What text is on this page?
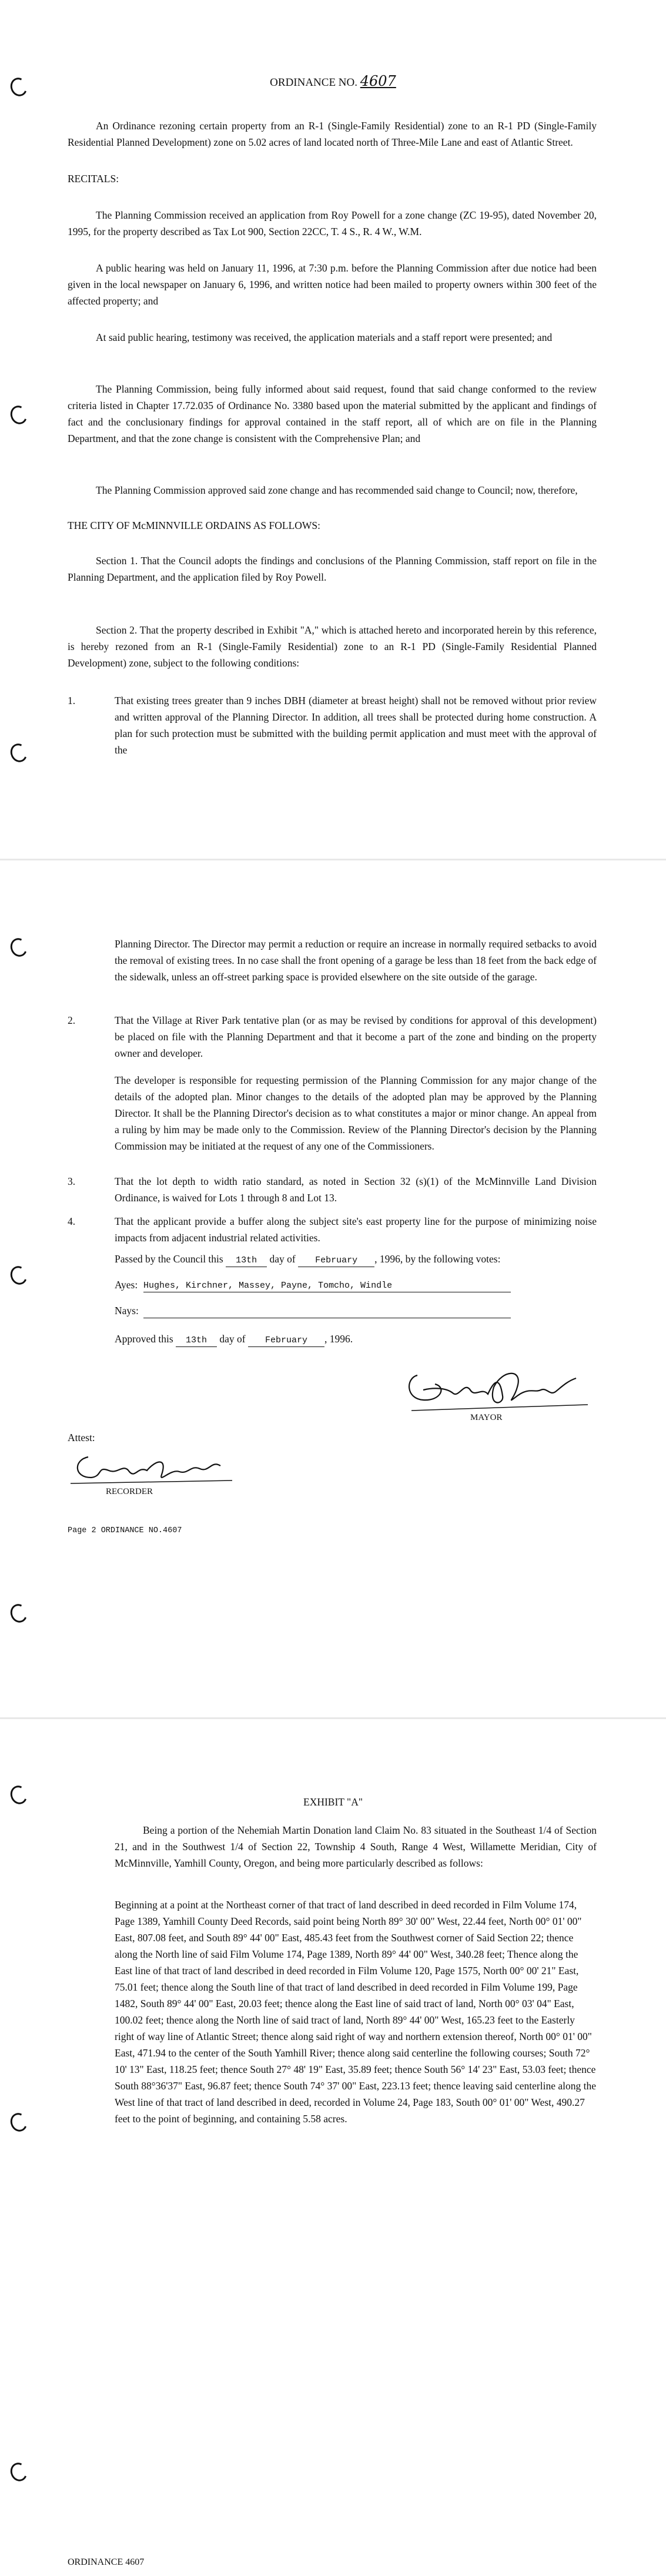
ORDINANCE NO. 4607
An Ordinance rezoning certain property from an R-1 (Single-Family Residential) zone to an R-1 PD (Single-Family Residential Planned Development) zone on 5.02 acres of land located north of Three-Mile Lane and east of Atlantic Street.
RECITALS:
The Planning Commission received an application from Roy Powell for a zone change (ZC 19-95), dated November 20, 1995, for the property described as Tax Lot 900, Section 22CC, T. 4 S., R. 4 W., W.M.
A public hearing was held on January 11, 1996, at 7:30 p.m. before the Planning Commission after due notice had been given in the local newspaper on January 6, 1996, and written notice had been mailed to property owners within 300 feet of the affected property; and
At said public hearing, testimony was received, the application materials and a staff report were presented; and
The Planning Commission, being fully informed about said request, found that said change conformed to the review criteria listed in Chapter 17.72.035 of Ordinance No. 3380 based upon the material submitted by the applicant and findings of fact and the conclusionary findings for approval contained in the staff report, all of which are on file in the Planning Department, and that the zone change is consistent with the Comprehensive Plan; and
The Planning Commission approved said zone change and has recommended said change to Council; now, therefore,
THE CITY OF McMINNVILLE ORDAINS AS FOLLOWS:
Section 1. That the Council adopts the findings and conclusions of the Planning Commission, staff report on file in the Planning Department, and the application filed by Roy Powell.
Section 2. That the property described in Exhibit "A," which is attached hereto and incorporated herein by this reference, is hereby rezoned from an R-1 (Single-Family Residential) zone to an R-1 PD (Single-Family Residential Planned Development) zone, subject to the following conditions:
1.	That existing trees greater than 9 inches DBH (diameter at breast height) shall not be removed without prior review and written approval of the Planning Director. In addition, all trees shall be protected during home construction. A plan for such protection must be submitted with the building permit application and must meet with the approval of the
Planning Director. The Director may permit a reduction or require an increase in normally required setbacks to avoid the removal of existing trees. In no case shall the front opening of a garage be less than 18 feet from the back edge of the sidewalk, unless an off-street parking space is provided elsewhere on the site outside of the garage.
2.	That the Village at River Park tentative plan (or as may be revised by conditions for approval of this development) be placed on file with the Planning Department and that it become a part of the zone and binding on the property owner and developer.
The developer is responsible for requesting permission of the Planning Commission for any major change of the details of the adopted plan. Minor changes to the details of the adopted plan may be approved by the Planning Director. It shall be the Planning Director's decision as to what constitutes a major or minor change. An appeal from a ruling by him may be made only to the Commission. Review of the Planning Director's decision by the Planning Commission may be initiated at the request of any one of the Commissioners.
3.	That the lot depth to width ratio standard, as noted in Section 32 (s)(1) of the McMinnville Land Division Ordinance, is waived for Lots 1 through 8 and Lot 13.
4.	That the applicant provide a buffer along the subject site's east property line for the purpose of minimizing noise impacts from adjacent industrial related activities.
Passed by the Council this 13th day of February , 1996, by the following votes:
Ayes: Hughes, Kirchner, Massey, Payne, Tomcho, Windle
Nays:
Approved this 13th day of February , 1996.
MAYOR
Attest:
RECORDER
Page 2 ORDINANCE NO.4607
EXHIBIT "A"
Being a portion of the Nehemiah Martin Donation land Claim No. 83 situated in the Southeast 1/4 of Section 21, and in the Southwest 1/4 of Section 22, Township 4 South, Range 4 West, Willamette Meridian, City of McMinnville, Yamhill County, Oregon, and being more particularly described as follows:
Beginning at a point at the Northeast corner of that tract of land described in deed recorded in Film Volume 174, Page 1389, Yamhill County Deed Records, said point being North 89° 30' 00" West, 22.44 feet, North 00° 01' 00" East, 807.08 feet, and South 89° 44' 00" East, 485.43 feet from the Southwest corner of Said Section 22; thence along the North line of said Film Volume 174, Page 1389, North 89° 44' 00" West, 340.28 feet; Thence along the East line of that tract of land described in deed recorded in Film Volume 120, Page 1575, North 00° 00' 21" East, 75.01 feet; thence along the South line of that tract of land described in deed recorded in Film Volume 199, Page 1482, South 89° 44' 00" East, 20.03 feet; thence along the East line of said tract of land, North 00° 03' 04" East, 100.02 feet; thence along the North line of said tract of land, North 89° 44' 00" West, 165.23 feet to the Easterly right of way line of Atlantic Street; thence along said right of way and northern extension thereof, North 00° 01' 00" East, 471.94 to the center of the South Yamhill River; thence along said centerline the following courses; South 72° 10' 13" East, 118.25 feet; thence South 27° 48' 19" East, 35.89 feet; thence South 56° 14' 23" East, 53.03 feet; thence South 88°36'37" East, 96.87 feet; thence South 74° 37' 00" East, 223.13 feet; thence leaving said centerline along the West line of that tract of land described in deed, recorded in Volume 24, Page 183, South 00° 01' 00" West, 490.27 feet to the point of beginning, and containing 5.58 acres.
ORDINANCE 4607
